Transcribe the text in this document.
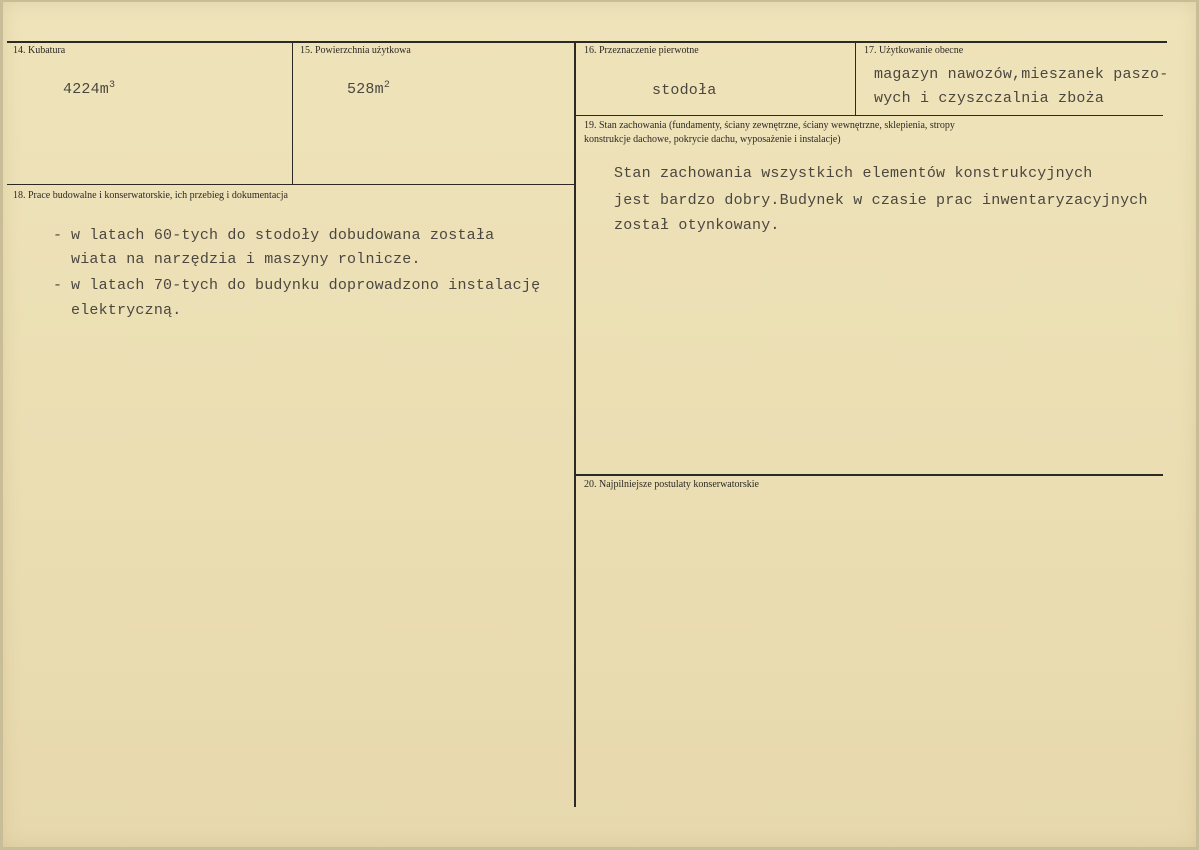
14. Kubatura
$4224m^3$
15. Powierzchnia użytkowa
$528m^2$
16. Przeznaczenie pierwotne
stodoła
17. Użytkowanie obecne
magazyn nawozów,mieszanek paszo-
wych i czyszczalnia zboża
18. Prace budowalne i konserwatorskie, ich przebieg i dokumentacja
- w latach 60-tych do stodoły dobudowana została
wiata na narzędzia i maszyny rolnicze.
- w latach 70-tych do budynku doprowadzono instalację
elektryczną.
19. Stan zachowania (fundamenty, ściany zewnętrzne, ściany wewnętrzne, sklepienia, stropy
konstrukcje dachowe, pokrycie dachu, wyposażenie i instalacje)
Stan zachowania wszystkich elementów konstrukcyjnych
jest bardzo dobry.Budynek w czasie prac inwentaryzacyjnych
został otynkowany.
20. Najpilniejsze postulaty konserwatorskie
